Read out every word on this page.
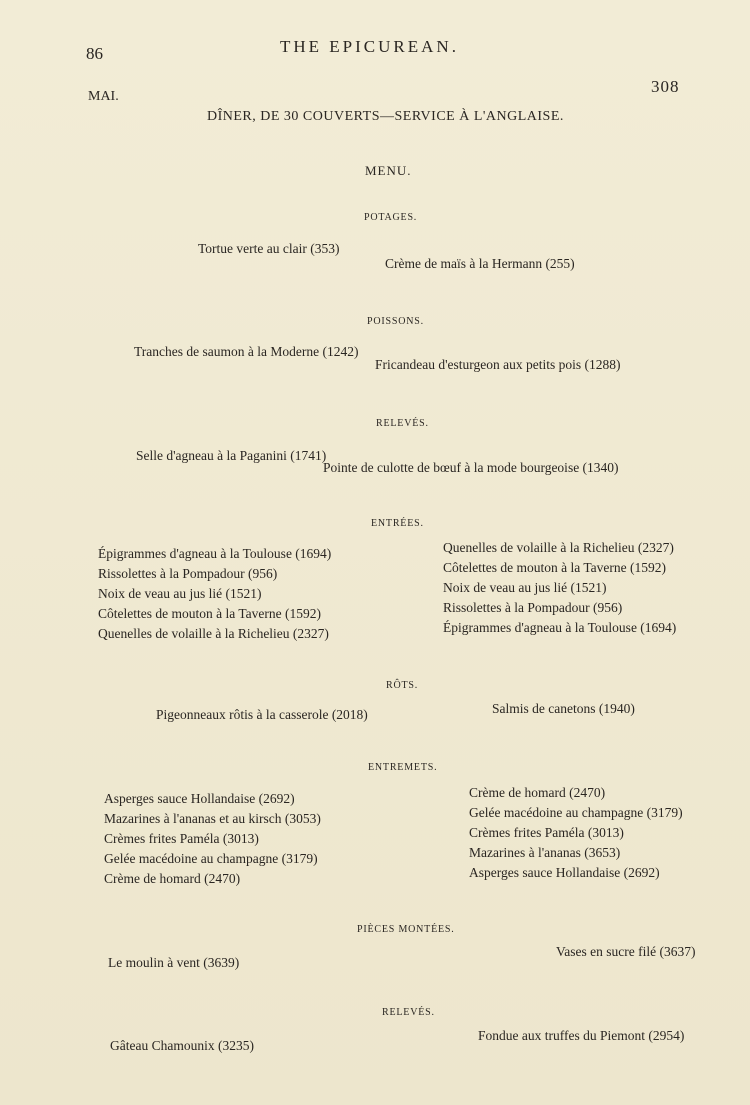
86	THE EPICUREAN.
MAI.
308
DÎNER, DE 30 COUVERTS—SERVICE À L'ANGLAISE.
MENU.
POTAGES.
Tortue verte au clair (353)
Crème de maïs à la Hermann (255)
POISSONS.
Tranches de saumon à la Moderne (1242)
Fricandeau d'esturgeon aux petits pois (1288)
RELEVÉS.
Selle d'agneau à la Paganini (1741)
Pointe de culotte de bœuf à la mode bourgeoise (1340)
ENTRÉES.
Épigrammes d'agneau à la Toulouse (1694)
Rissolettes à la Pompadour (956)
Noix de veau au jus lié (1521)
Côtelettes de mouton à la Taverne (1592)
Quenelles de volaille à la Richelieu (2327)
Quenelles de volaille à la Richelieu (2327)
Côtelettes de mouton à la Taverne (1592)
Noix de veau au jus lié (1521)
Rissolettes à la Pompadour (956)
Épigrammes d'agneau à la Toulouse (1694)
RÔTS.
Pigeonneaux rôtis à la casserole (2018)	Salmis de canetons (1940)
ENTREMETS.
Asperges sauce Hollandaise (2692)
Mazarines à l'ananas et au kirsch (3053)
Crèmes frites Paméla (3013)
Gelée macédoine au champagne (3179)
Crème de homard (2470)
Crème de homard (2470)
Gelée macédoine au champagne (3179)
Crèmes frites Paméla (3013)
Mazarines à l'ananas (3653)
Asperges sauce Hollandaise (2692)
PIÈCES MONTÉES.
Le moulin à vent (3639)
Vases en sucre filé (3637)
RELEVÉS.
Gâteau Chamounix (3235)
Fondue aux truffes du Piemont (2954)
